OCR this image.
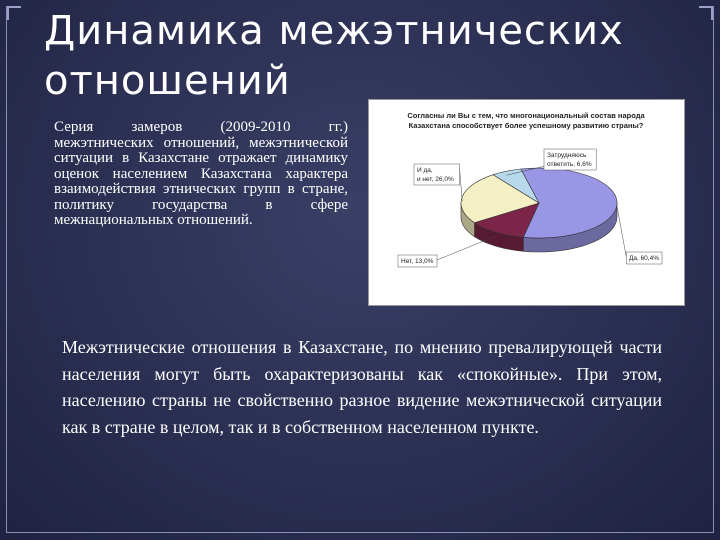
Динамика межэтнических отношений
Серия замеров (2009-2010 гг.) межэтнических отношений, межэтнической ситуации в Казахстане отражает динамику оценок населением Казахстана характера взаимодействия этнических групп в стране, политику государства в сфере межнациональных отношений.
Согласны ли Вы с тем, что многонациональный состав народа Казахстана способствует более успешному развитию страны?
Да, 60,4%
Нет, 13,0%
И да, и нет, 26,0%
Затрудняюсь ответить, 6,6%
Межэтнические отношения в Казахстане, по мнению превалирующей части населения могут быть охарактеризованы как «спокойные». При этом, населению страны не свойственно разное видение межэтнической ситуации как в стране в целом, так и в собственном населенном пункте.
